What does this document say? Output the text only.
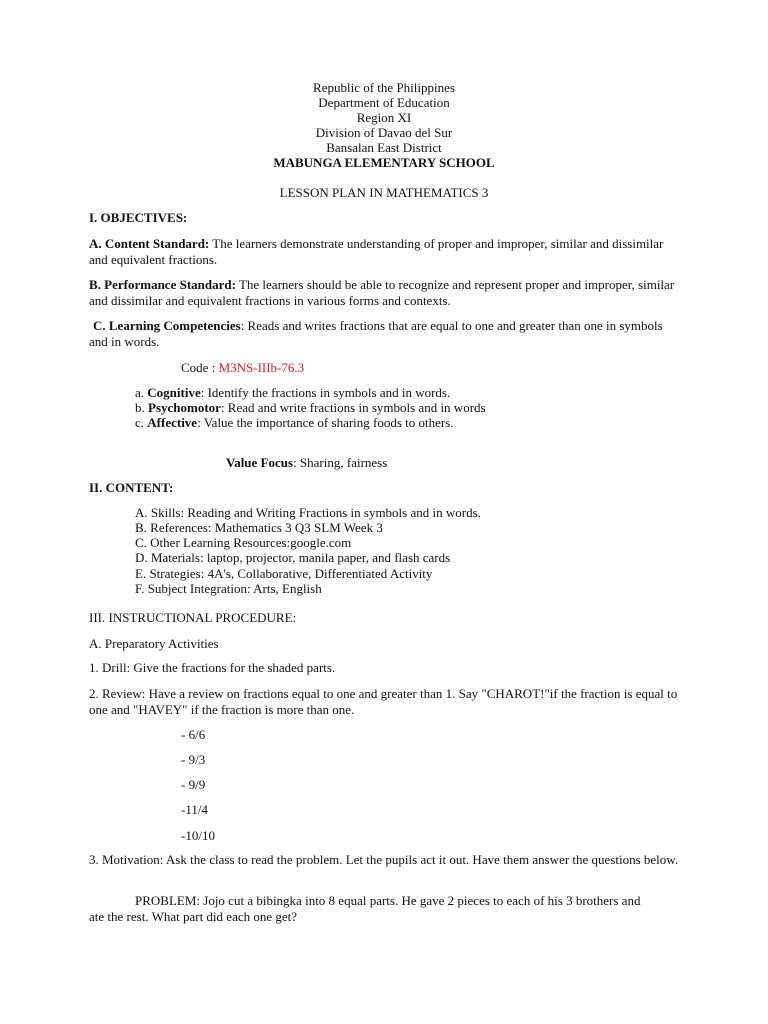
Republic of the Philippines
Department of Education
Region XI
Division of Davao del Sur
Bansalan East District
MABUNGA ELEMENTARY SCHOOL
LESSON PLAN IN MATHEMATICS 3
I. OBJECTIVES:
A. Content Standard: The learners demonstrate understanding of proper and improper, similar and dissimilar and equivalent fractions.
B. Performance Standard: The learners should be able to recognize and represent proper and improper, similar and dissimilar and equivalent fractions in various forms and contexts.
C. Learning Competencies: Reads and writes fractions that are equal to one and greater than one in symbols and in words.
Code : M3NS-IIIb-76.3
a. Cognitive: Identify the fractions in symbols and in words.
b. Psychomotor: Read and write fractions in symbols and in words
c. Affective: Value the importance of sharing foods to others.
Value Focus: Sharing, fairness
II. CONTENT:
A. Skills: Reading and Writing Fractions in symbols and in words.
B. References: Mathematics 3 Q3 SLM Week 3
C. Other Learning Resources:google.com
D. Materials: laptop, projector, manila paper, and flash cards
E. Strategies: 4A's, Collaborative, Differentiated Activity
F. Subject Integration: Arts, English
III. INSTRUCTIONAL PROCEDURE:
A. Preparatory Activities
1. Drill: Give the fractions for the shaded parts.
2. Review: Have a review on fractions equal to one and greater than 1. Say "CHAROT!"if the fraction is equal to one and "HAVEY" if the fraction is more than one.
- 6/6
- 9/3
- 9/9
-11/4
-10/10
3. Motivation: Ask the class to read the problem. Let the pupils act it out. Have them answer the questions below.
PROBLEM: Jojo cut a bibingka into 8 equal parts. He gave 2 pieces to each of his 3 brothers and ate the rest. What part did each one get?
